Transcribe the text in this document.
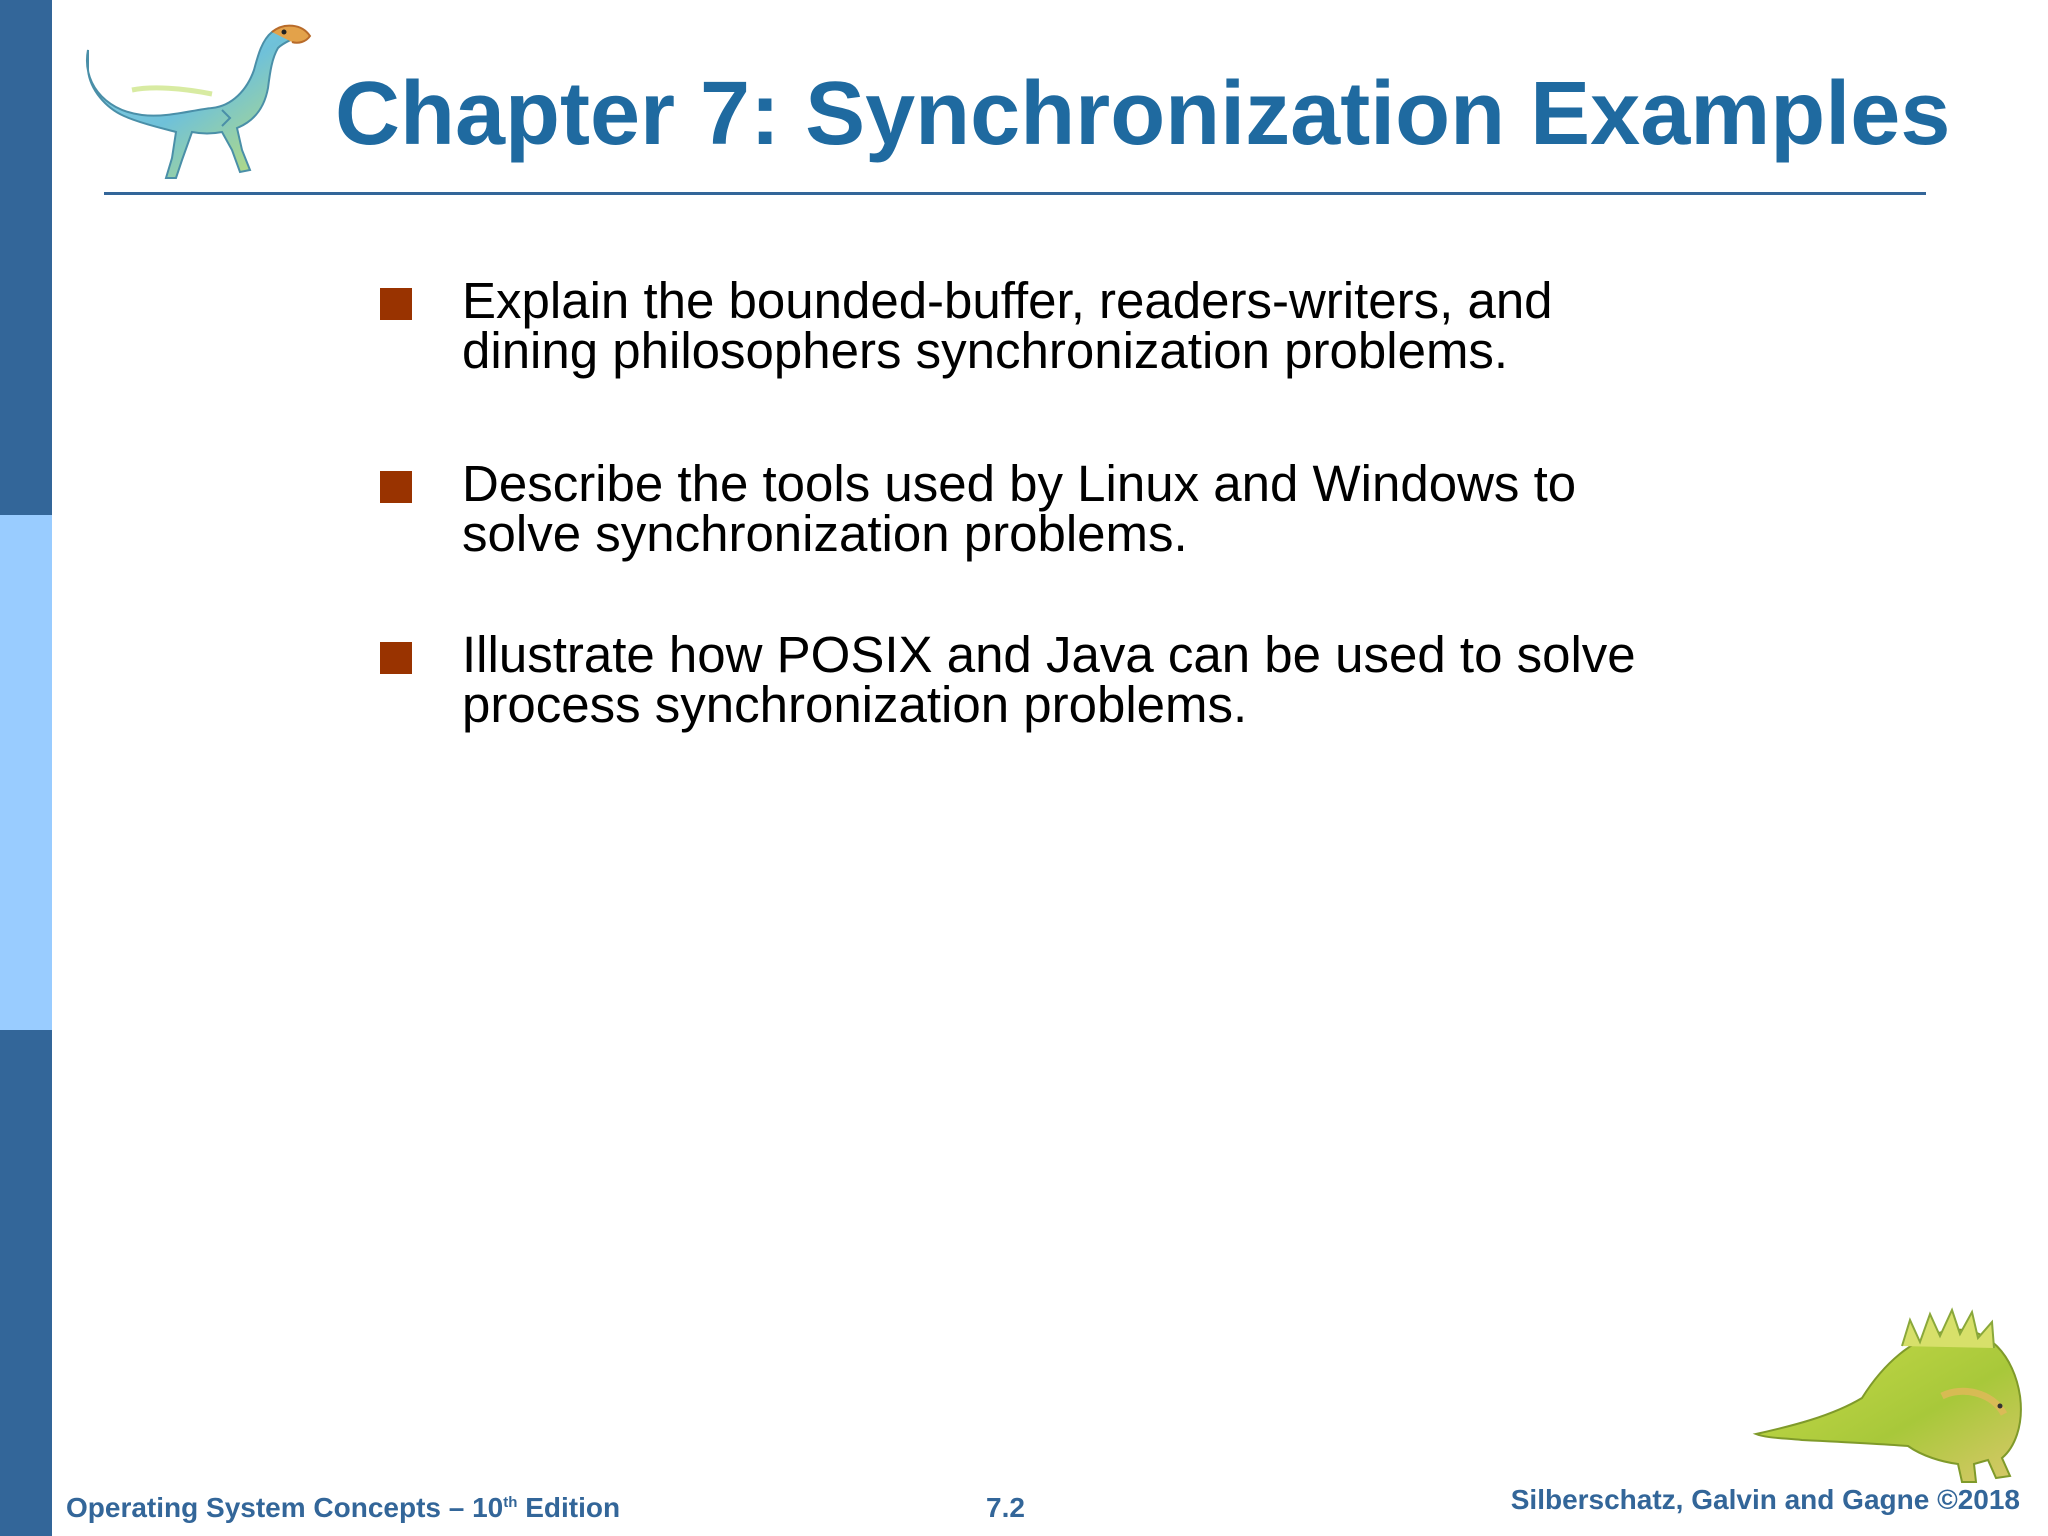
Chapter 7: Synchronization Examples
Explain the bounded-buffer, readers-writers, and
dining philosophers synchronization problems.
Describe the tools used by Linux and Windows to
solve synchronization problems.
Illustrate how POSIX and Java can be used to solve
process synchronization problems.
Operating System Concepts – 10th Edition	7.2	Silberschatz, Galvin and Gagne ©2018
